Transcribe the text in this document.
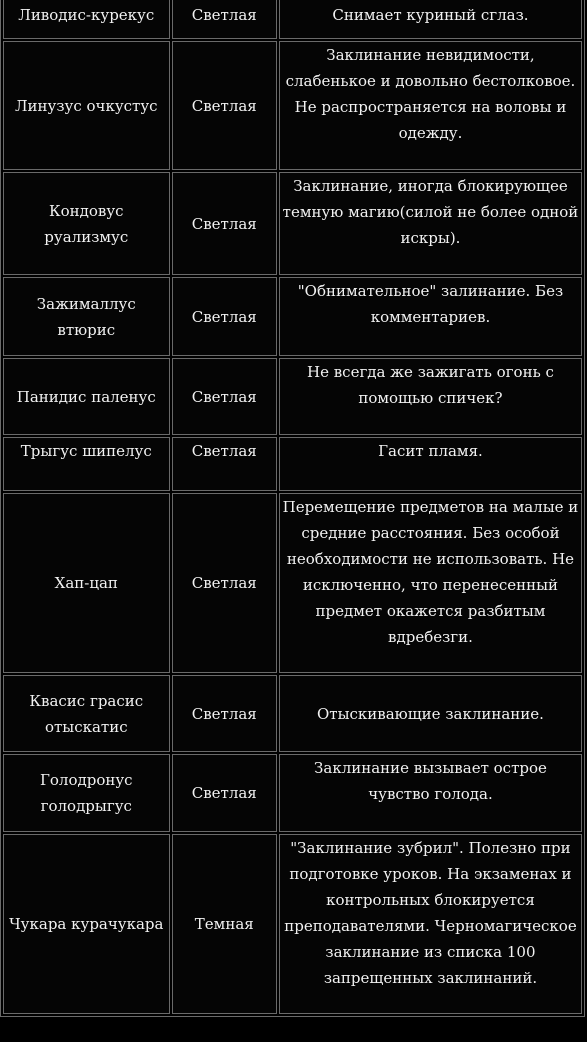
Ливодис-курекус	Светлая	Снимает куриный сглаз.
Линузус очкустус	Светлая	Заклинание невидимости, слабенькое и довольно бестолковое. Не распространяется на воловы и одежду.
Кондовус руализмус	Светлая	Заклинание, иногда блокирующее темную магию(силой не более одной искры).
Зажималлус втюрис	Светлая	"Обнимательное" залинание. Без комментариев.
Панидис паленус	Светлая	Не всегда же зажигать огонь с помощью спичек?
Трыгус шипелус	Светлая	Гасит пламя.
Хап-цап	Светлая	Перемещение предметов на малые и средние расстояния. Без особой необходимости не использовать. Не исключенно, что перенесенный предмет окажется разбитым вдребезги.
Квасис грасис отыскатис	Светлая	Отыскивающие заклинание.
Голодронус голодрыгус	Светлая	Заклинание вызывает острое чувство голода.
Чукара курачукара	Темная	"Заклинание зубрил". Полезно при подготовке уроков. На экзаменах и контрольных блокируется преподавателями. Черномагическое заклинание из списка 100 запрещенных заклинаний.
